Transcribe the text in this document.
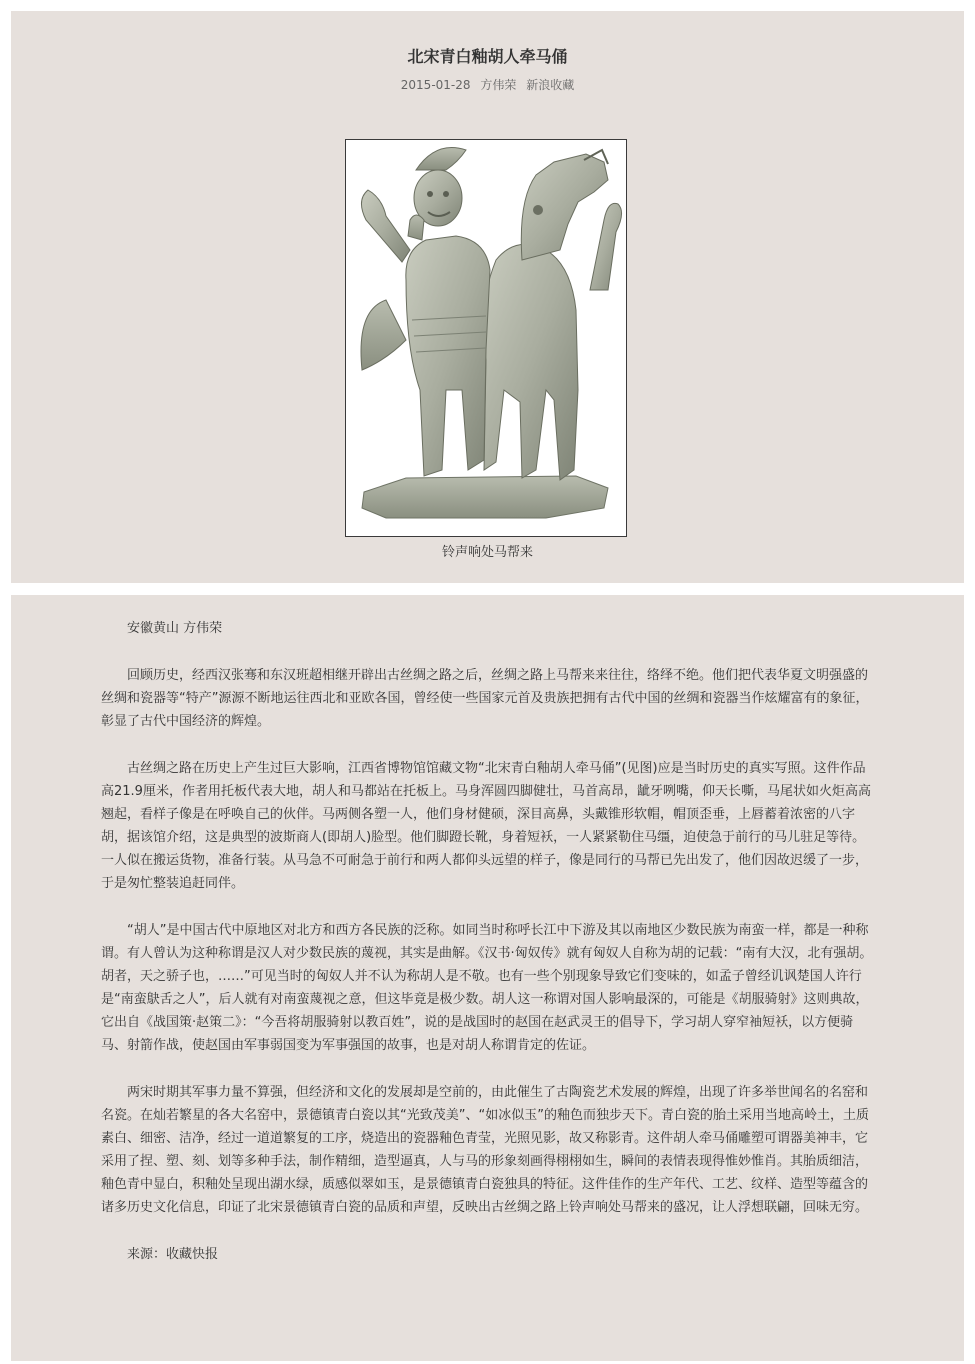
北宋青白釉胡人牵马俑
2015-01-28 方伟荣 新浪收藏
铃声响处马帮来

安徽黄山 方伟荣

回顾历史，经西汉张骞和东汉班超相继开辟出古丝绸之路之后，丝绸之路上马帮来来往往，络绎不绝。他们把代表华夏文明强盛的丝绸和瓷器等“特产”源源不断地运往西北和亚欧各国，曾经使一些国家元首及贵族把拥有古代中国的丝绸和瓷器当作炫耀富有的象征，彰显了古代中国经济的辉煌。

古丝绸之路在历史上产生过巨大影响，江西省博物馆馆藏文物“北宋青白釉胡人牵马俑”(见图)应是当时历史的真实写照。这件作品高21.9厘米，作者用托板代表大地，胡人和马都站在托板上。马身浑圆四脚健壮，马首高昂，龇牙咧嘴，仰天长嘶，马尾状如火炬高高翘起，看样子像是在呼唤自己的伙伴。马两侧各塑一人，他们身材健硕，深目高鼻，头戴锥形软帽，帽顶歪垂，上唇蓄着浓密的八字胡，据该馆介绍，这是典型的波斯商人(即胡人)脸型。他们脚蹬长靴，身着短袄，一人紧紧勒住马缰，迫使急于前行的马儿驻足等待。一人似在搬运货物，准备行装。从马急不可耐急于前行和两人都仰头远望的样子，像是同行的马帮已先出发了，他们因故迟缓了一步，于是匆忙整装追赶同伴。

“胡人”是中国古代中原地区对北方和西方各民族的泛称。如同当时称呼长江中下游及其以南地区少数民族为南蛮一样，都是一种称谓。有人曾认为这种称谓是汉人对少数民族的蔑视，其实是曲解。《汉书·匈奴传》就有匈奴人自称为胡的记载：“南有大汉，北有强胡。胡者，天之骄子也，……”可见当时的匈奴人并不认为称胡人是不敬。也有一些个别现象导致它们变味的，如孟子曾经讥讽楚国人许行是“南蛮鴃舌之人”，后人就有对南蛮蔑视之意，但这毕竟是极少数。胡人这一称谓对国人影响最深的，可能是《胡服骑射》这则典故，它出自《战国策·赵策二》：“今吾将胡服骑射以教百姓”，说的是战国时的赵国在赵武灵王的倡导下，学习胡人穿窄袖短袄，以方便骑马、射箭作战，使赵国由军事弱国变为军事强国的故事，也是对胡人称谓肯定的佐证。

两宋时期其军事力量不算强，但经济和文化的发展却是空前的，由此催生了古陶瓷艺术发展的辉煌，出现了许多举世闻名的名窑和名瓷。在灿若繁星的各大名窑中，景德镇青白瓷以其“光致茂美”、“如冰似玉”的釉色而独步天下。青白瓷的胎土采用当地高岭土，土质素白、细密、洁净，经过一道道繁复的工序，烧造出的瓷器釉色青莹，光照见影，故又称影青。这件胡人牵马俑雕塑可谓器美神丰，它采用了捏、塑、刻、划等多种手法，制作精细，造型逼真，人与马的形象刻画得栩栩如生，瞬间的表情表现得惟妙惟肖。其胎质细洁，釉色青中显白，积釉处呈现出湖水绿，质感似翠如玉，是景德镇青白瓷独具的特征。这件佳作的生产年代、工艺、纹样、造型等蕴含的诸多历史文化信息，印证了北宋景德镇青白瓷的品质和声望，反映出古丝绸之路上铃声响处马帮来的盛况，让人浮想联翩，回味无穷。

来源：收藏快报
